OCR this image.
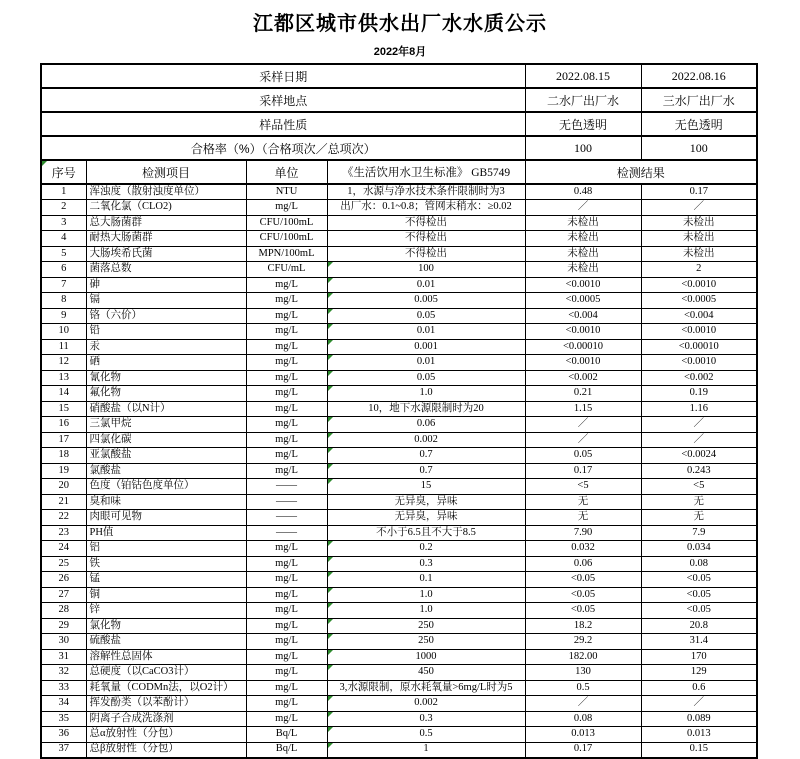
江都区城市供水出厂水水质公示
2022年8月
采样日期				2022.08.15	2022.08.16
采样地点				二水厂出厂水	三水厂出厂水
样品性质				无色透明	无色透明
合格率（%）（合格项次／总项次）				100	100

序号	检测项目	单位	《生活饮用水卫生标准》 GB5749	检测结果	
1	浑浊度（散射浊度单位）	NTU	1，水源与净水技术条件限制时为3	0.48	0.17
2	二氧化氯（CLO2)	mg/L	出厂水：0.1~0.8；管网末稍水：≥0.02	／	／
3	总大肠菌群	CFU/100mL	不得检出	未检出	未检出
4	耐热大肠菌群	CFU/100mL	不得检出	未检出	未检出
5	大肠埃希氏菌	MPN/100mL	不得检出	未检出	未检出
6	菌落总数	CFU/mL	100	未检出	2
7	砷	mg/L	0.01	<0.0010	<0.0010
8	镉	mg/L	0.005	<0.0005	<0.0005
9	铬（六价）	mg/L	0.05	<0.004	<0.004
10	铅	mg/L	0.01	<0.0010	<0.0010
11	汞	mg/L	0.001	<0.00010	<0.00010
12	硒	mg/L	0.01	<0.0010	<0.0010
13	氰化物	mg/L	0.05	<0.002	<0.002
14	氟化物	mg/L	1.0	0.21	0.19
15	硝酸盐（以N计）	mg/L	10，地下水源限制时为20	1.15	1.16
16	三氯甲烷	mg/L	0.06	／	／
17	四氯化碳	mg/L	0.002	／	／
18	亚氯酸盐	mg/L	0.7	0.05	<0.0024
19	氯酸盐	mg/L	0.7	0.17	0.243
20	色度（铂钴色度单位）	——	15	<5	<5
21	臭和味	——	无异臭，异味	无	无
22	肉眼可见物	——	无异臭，异味	无	无
23	PH值	——	不小于6.5且不大于8.5	7.90	7.9
24	铝	mg/L	0.2	0.032	0.034
25	铁	mg/L	0.3	0.06	0.08
26	锰	mg/L	0.1	<0.05	<0.05
27	铜	mg/L	1.0	<0.05	<0.05
28	锌	mg/L	1.0	<0.05	<0.05
29	氯化物	mg/L	250	18.2	20.8
30	硫酸盐	mg/L	250	29.2	31.4
31	溶解性总固体	mg/L	1000	182.00	170
32	总硬度（以CaCO3计）	mg/L	450	130	129
33	耗氧量（CODMn法，以O2计）	mg/L	3,水源限制，原水耗氧量>6mg/L时为5	0.5	0.6
34	挥发酚类（以苯酚计）	mg/L	0.002	／	／
35	阴离子合成洗涤剂	mg/L	0.3	0.08	0.089
36	总α放射性（分包）	Bq/L	0.5	0.013	0.013
37	总β放射性（分包）	Bq/L	1	0.17	0.15
